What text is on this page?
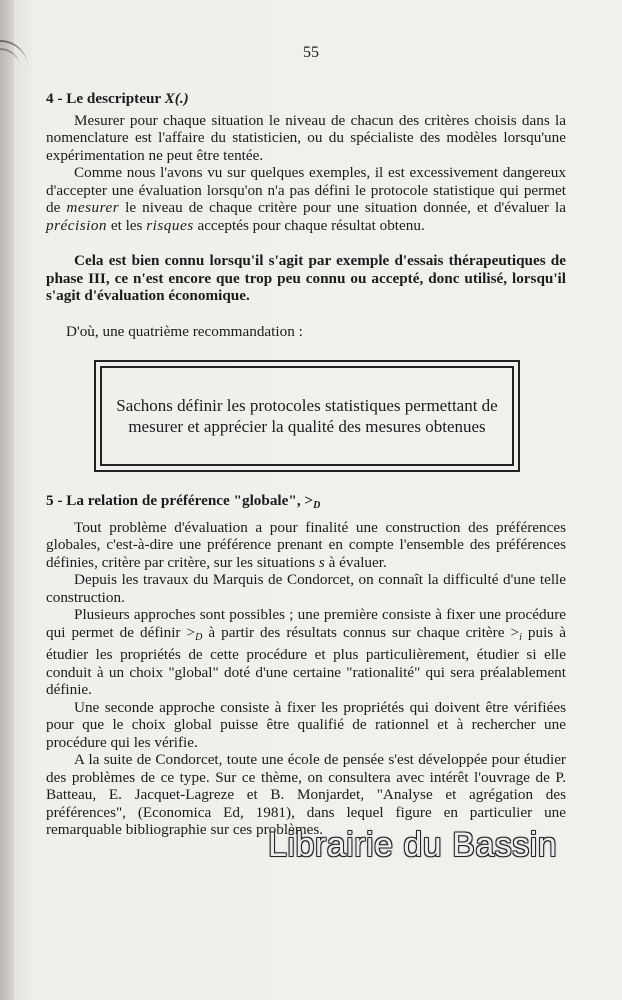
55

4 - Le descripteur X(.)

Mesurer pour chaque situation le niveau de chacun des critères choisis dans la nomenclature est l'affaire du statisticien, ou du spécialiste des modèles lorsqu'une expérimentation ne peut être tentée.

Comme nous l'avons vu sur quelques exemples, il est excessivement dangereux d'accepter une évaluation lorsqu'on n'a pas défini le protocole statistique qui permet de mesurer le niveau de chaque critère pour une situation donnée, et d'évaluer la précision et les risques acceptés pour chaque résultat obtenu.

Cela est bien connu lorsqu'il s'agit par exemple d'essais thérapeutiques de phase III, ce n'est encore que trop peu connu ou accepté, donc utilisé, lorsqu'il s'agit d'évaluation économique.

D'où, une quatrième recommandation :

Sachons définir les protocoles statistiques permettant de mesurer et apprécier la qualité des mesures obtenues

5 - La relation de préférence "globale", $>_D$

Tout problème d'évaluation a pour finalité une construction des préférences globales, c'est-à-dire une préférence prenant en compte l'ensemble des préférences définies, critère par critère, sur les situations s à évaluer.

Depuis les travaux du Marquis de Condorcet, on connaît la difficulté d'une telle construction.

Plusieurs approches sont possibles ; une première consiste à fixer une procédure qui permet de définir $>_D$ à partir des résultats connus sur chaque critère $>_i$ puis à étudier les propriétés de cette procédure et plus particulièrement, étudier si elle conduit à un choix "global" doté d'une certaine "rationalité" qui sera préalablement définie.

Une seconde approche consiste à fixer les propriétés qui doivent être vérifiées pour que le choix global puisse être qualifié de rationnel et à rechercher une procédure qui les vérifie.

A la suite de Condorcet, toute une école de pensée s'est développée pour étudier des problèmes de ce type. Sur ce thème, on consultera avec intérêt l'ouvrage de P. Batteau, E. Jacquet-Lagreze et B. Monjardet, "Analyse et agrégation des préférences", (Economica Ed, 1981), dans lequel figure en particulier une remarquable bibliographie sur ces problèmes.

Librairie du Bassin
